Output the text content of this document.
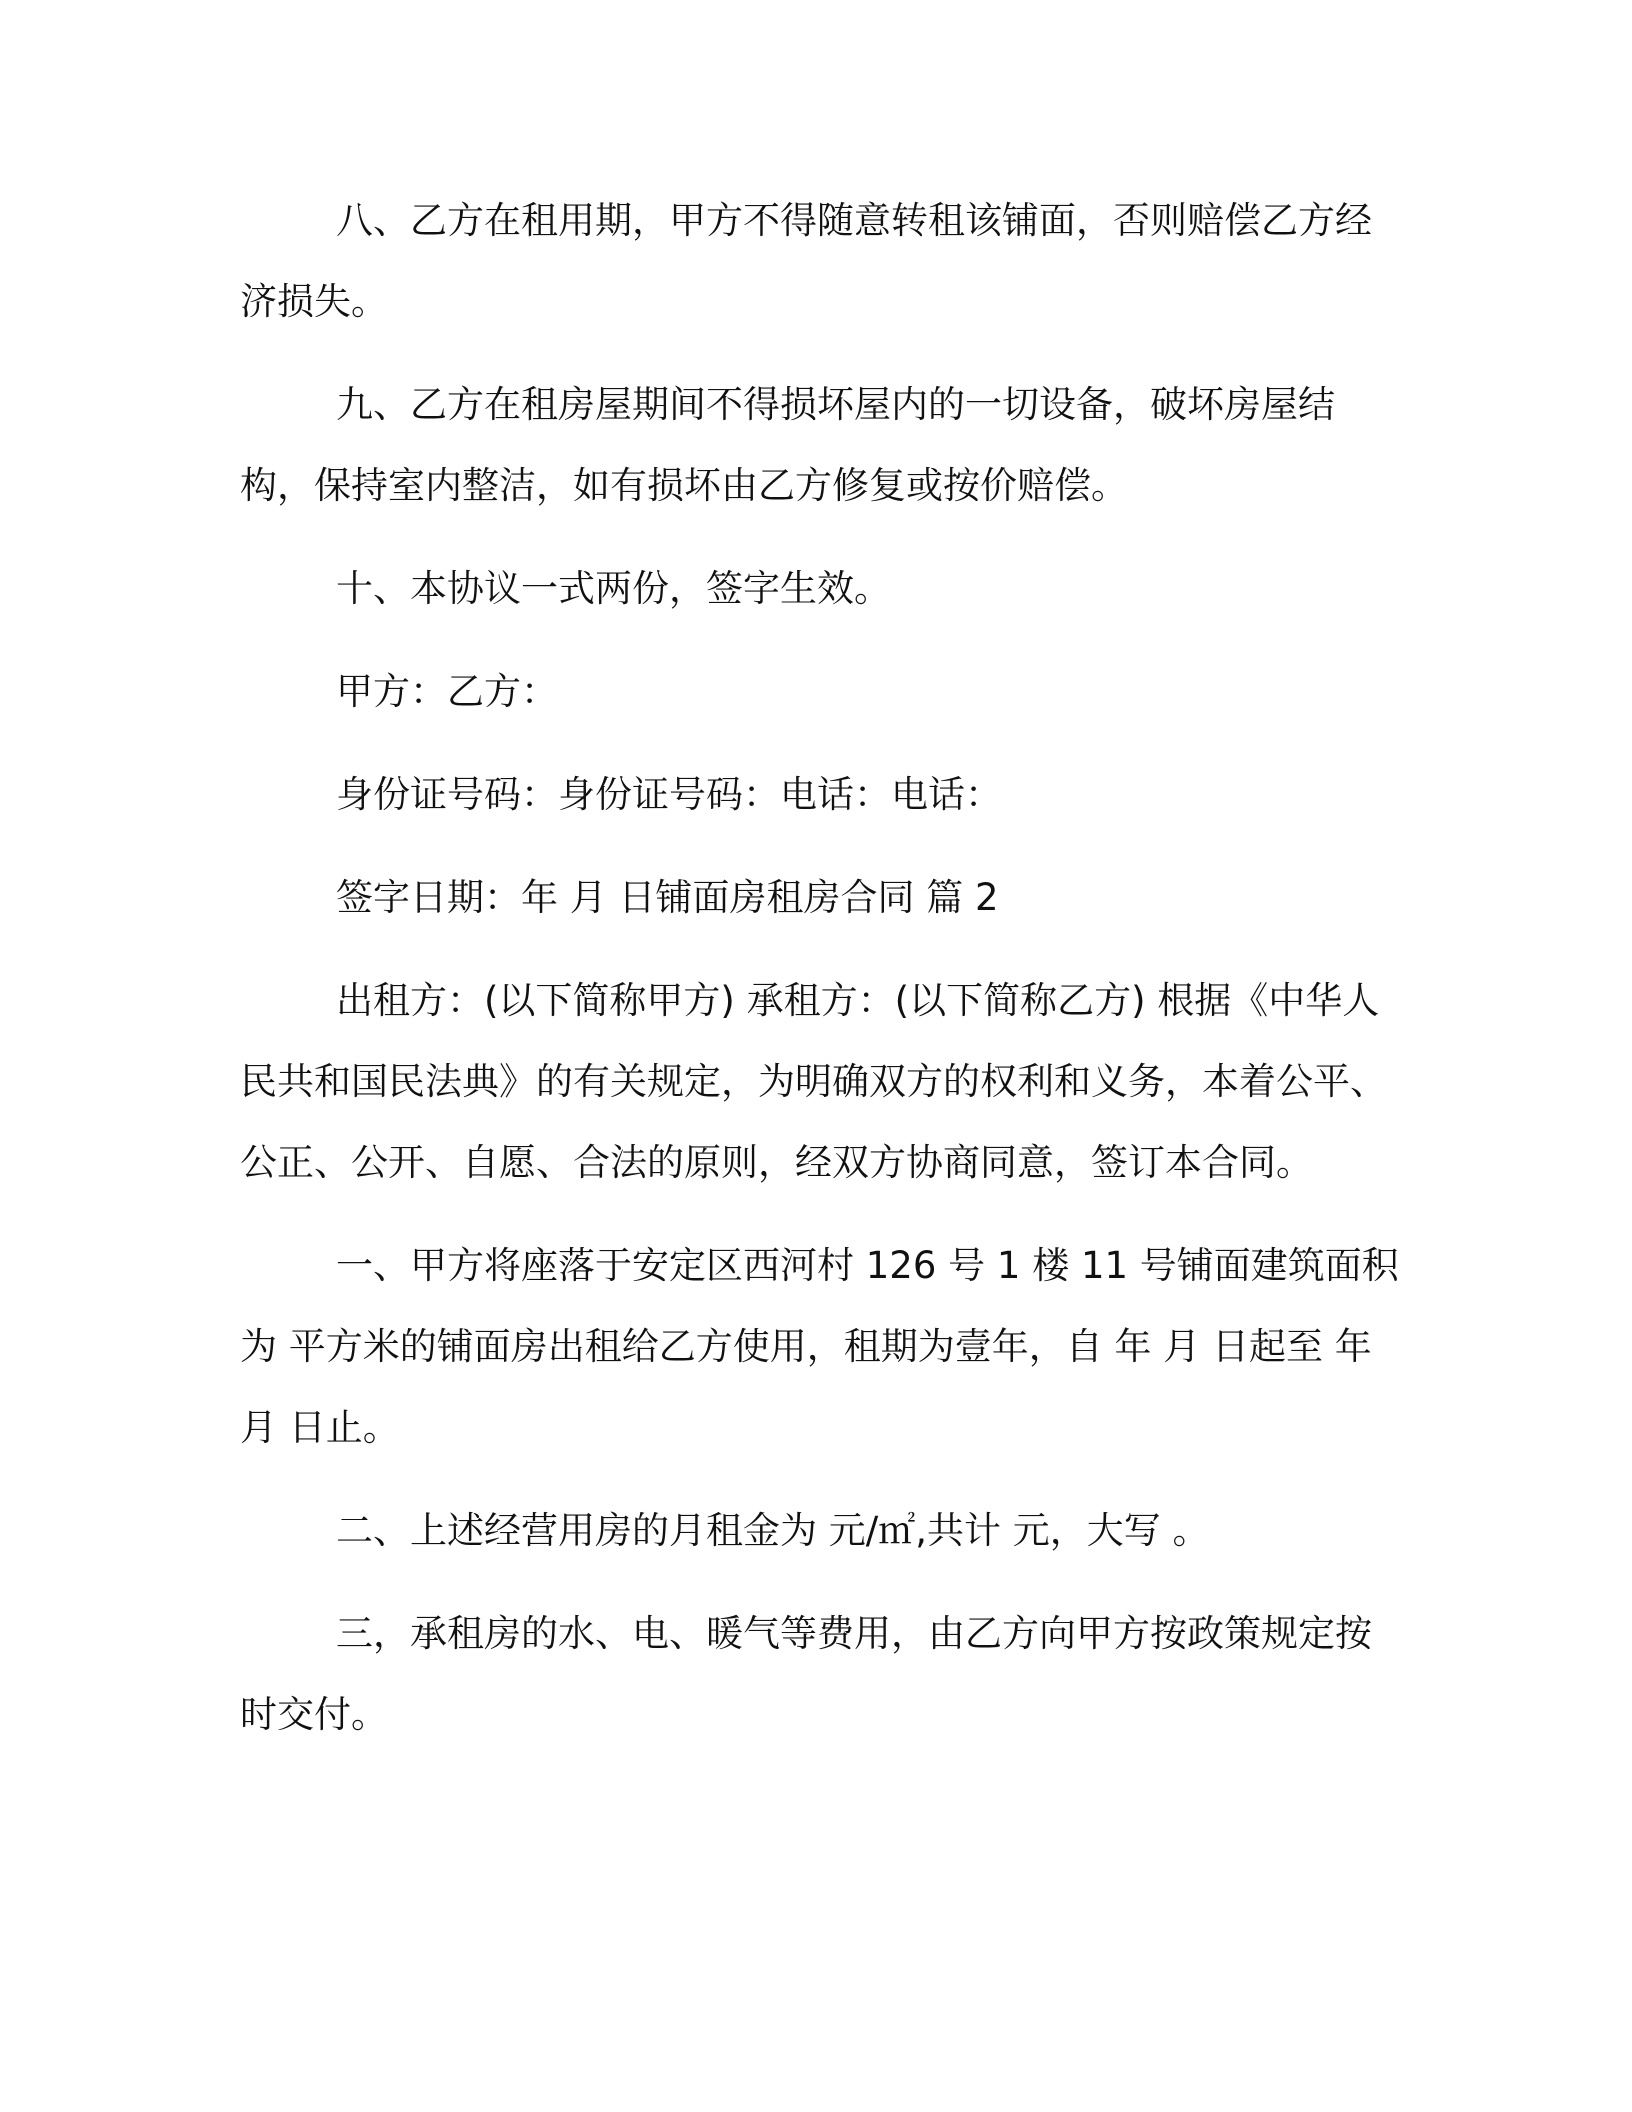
八、乙方在租用期，甲方不得随意转租该铺面，否则赔偿乙方经济损失。

九、乙方在租房屋期间不得损坏屋内的一切设备，破坏房屋结构，保持室内整洁，如有损坏由乙方修复或按价赔偿。

十、本协议一式两份，签字生效。

甲方：乙方：

身份证号码：身份证号码：电话：电话：

签字日期：年 月 日铺面房租房合同 篇 2

出租方：(以下简称甲方) 承租方：(以下简称乙方) 根据《中华人民共和国民法典》的有关规定，为明确双方的权利和义务，本着公平、公正、公开、自愿、合法的原则，经双方协商同意，签订本合同。

一、甲方将座落于安定区西河村 126 号 1 楼 11 号铺面建筑面积为 平方米的铺面房出租给乙方使用，租期为壹年，自 年 月 日起至 年月 日止。

二、上述经营用房的月租金为 元/㎡,共计 元，大写 。

三，承租房的水、电、暖气等费用，由乙方向甲方按政策规定按时交付。
